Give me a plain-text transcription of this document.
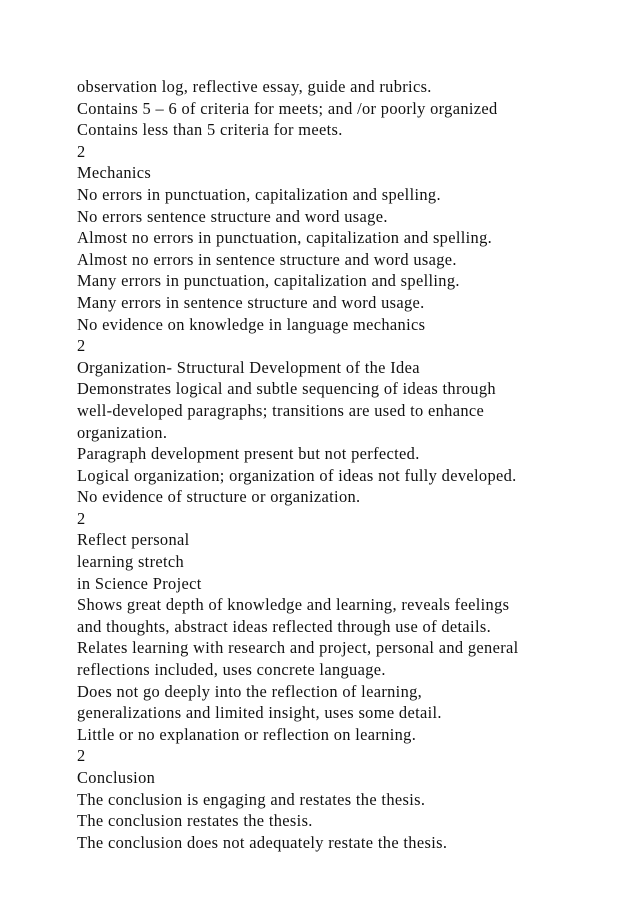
observation log, reflective essay, guide and rubrics.
Contains 5 – 6 of criteria for meets; and /or poorly organized
Contains less than 5 criteria for meets.
2
Mechanics
No errors in punctuation, capitalization and spelling.
No errors sentence structure and word usage.
Almost no errors in punctuation, capitalization and spelling.
Almost no errors in sentence structure and word usage.
Many errors in punctuation, capitalization and spelling.
Many errors in sentence structure and word usage.
No evidence on knowledge in language mechanics
2
Organization- Structural Development of the Idea
Demonstrates logical and subtle sequencing of ideas through
well-developed paragraphs; transitions are used to enhance
organization.
Paragraph development present but not perfected.
Logical organization; organization of ideas not fully developed.
No evidence of structure or organization.
2
Reflect personal
learning stretch
in Science Project
Shows great depth of knowledge and learning, reveals feelings
and thoughts, abstract ideas reflected through use of details.
Relates learning with research and project, personal and general
reflections included, uses concrete language.
Does not go deeply into the reflection of learning,
generalizations and limited insight, uses some detail.
Little or no explanation or reflection on learning.
2
Conclusion
The conclusion is engaging and restates the thesis.
The conclusion restates the thesis.
The conclusion does not adequately restate the thesis.
